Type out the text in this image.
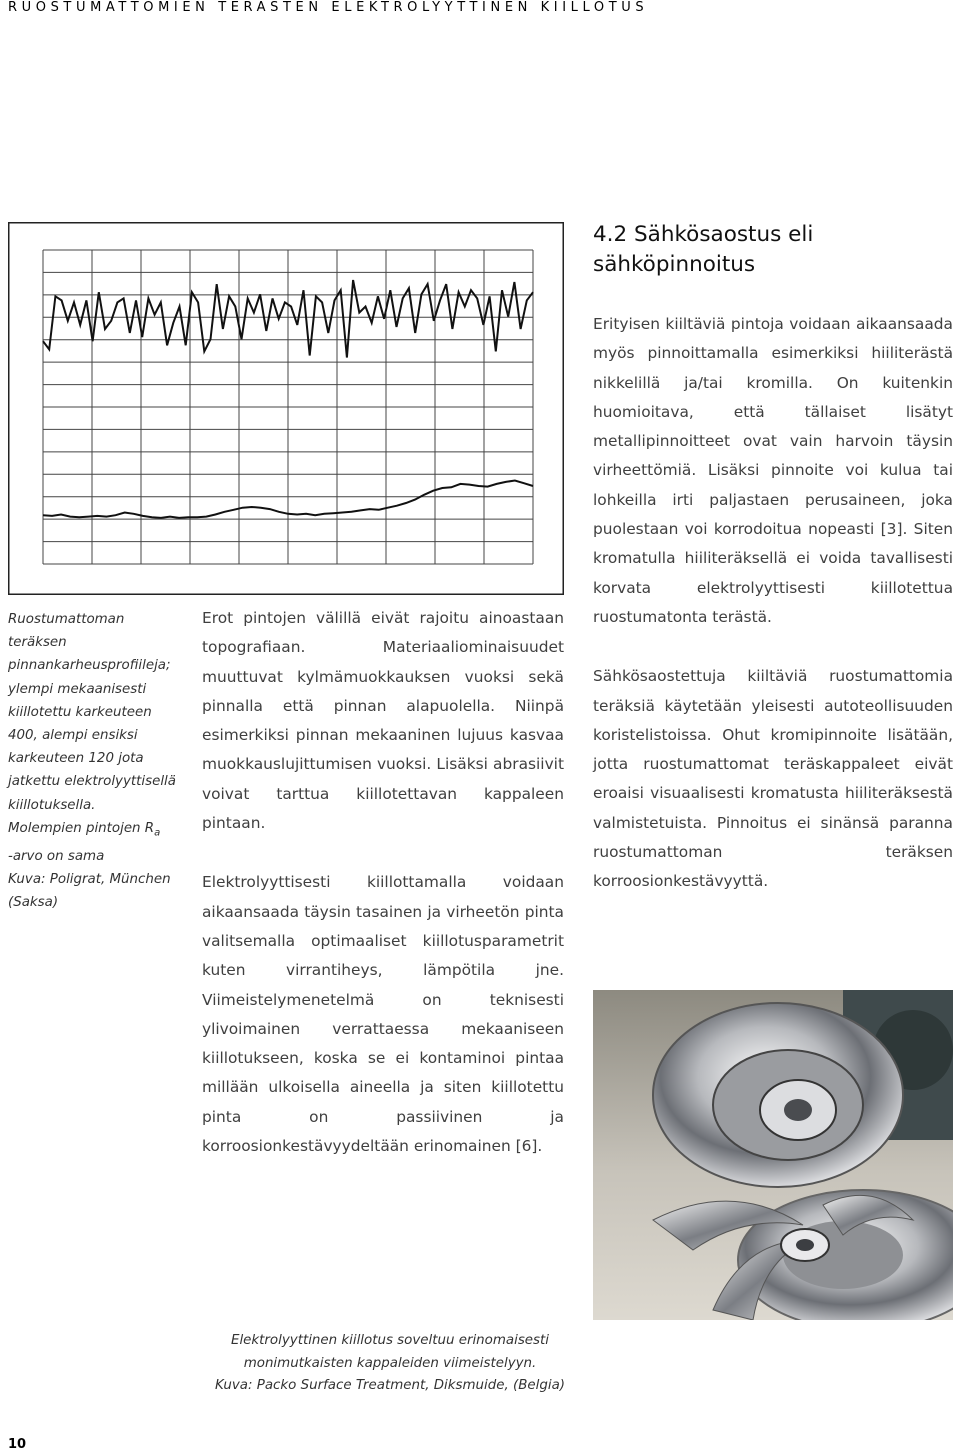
RUOSTUMATTOMIEN TERÄSTEN ELEKTROLYYTTINEN KIILLOTUS

Ruostumattoman teräksen pinnankarheusprofiileja; ylempi mekaanisesti kiillotettu karkeuteen 400, alempi ensiksi karkeuteen 120 jota jatkettu elektrolyyttisellä kiillotuksella.

Molempien pintojen $R_a$

-arvo on sama

Kuva: Poligrat, München (Saksa)

Erot pintojen välillä eivät rajoitu ainoastaan topografiaan. Materiaaliominaisuudet muuttuvat kylmämuokkauksen vuoksi sekä pinnalla että pinnan alapuolella. Niinpä esimerkiksi pinnan mekaaninen lujuus kasvaa muokkauslujittumisen vuoksi. Lisäksi abrasiivit voivat tarttua kiillotettavan kappaleen pintaan.

Elektrolyyttisesti kiillottamalla voidaan aikaansaada täysin tasainen ja virheetön pinta valitsemalla optimaaliset kiillotusparametrit kuten virrantiheys, lämpötila jne. Viimeistelymenetelmä on teknisesti ylivoimainen verrattaessa mekaaniseen kiillotukseen, koska se ei kontaminoi pintaa millään ulkoisella aineella ja siten kiillotettu pinta on passiivinen ja korroosionkestävyydeltään erinomainen [6].

4.2 Sähkösaostus eli sähköpinnoitus

Erityisen kiiltäviä pintoja voidaan aikaansaada myös pinnoittamalla esimerkiksi hiiliterästä nikkelillä ja/tai kromilla. On kuitenkin huomioitava, että tällaiset lisätyt metallipinnoitteet ovat vain harvoin täysin virheettömiä. Lisäksi pinnoite voi kulua tai lohkeilla irti paljastaen perusaineen, joka puolestaan voi korrodoitua nopeasti [3]. Siten kromatulla hiiliteräksellä ei voida tavallisesti korvata elektrolyyttisesti kiillotettua ruostumatonta terästä.

Sähkösaostettuja kiiltäviä ruostumattomia teräksiä käytetään yleisesti autoteollisuuden koristelistoissa. Ohut kromipinnoite lisätään, jotta ruostumattomat teräskappaleet eivät eroaisi visuaalisesti kromatusta hiiliteräksestä valmistetuista. Pinnoitus ei sinänsä paranna ruostumattoman teräksen korroosionkestävyyttä.

Elektrolyyttinen kiillotus soveltuu erinomaisesti
monimutkaisten kappaleiden viimeistelyyn.
Kuva: Packo Surface Treatment, Diksmuide, (Belgia)
10
